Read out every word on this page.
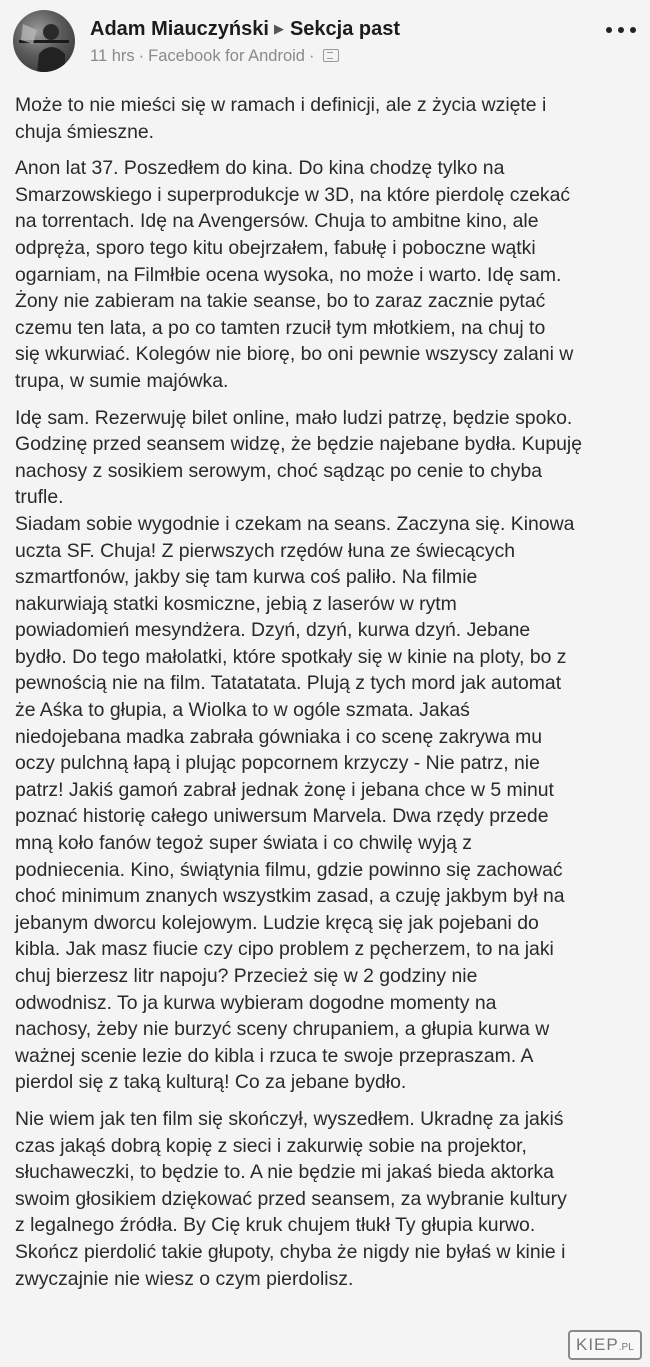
Adam Miauczyński ▶ Sekcja past
11 hrs · Facebook for Android ·

Może to nie mieści się w ramach i definicji, ale z życia wzięte i
chuja śmieszne.

Anon lat 37. Poszedłem do kina. Do kina chodzę tylko na
Smarzowskiego i superprodukcje w 3D, na które pierdolę czekać
na torrentach. Idę na Avengersów. Chuja to ambitne kino, ale
odpręża, sporo tego kitu obejrzałem, fabułę i poboczne wątki
ogarniam, na Filmłbie ocena wysoka, no może i warto. Idę sam.
Żony nie zabieram na takie seanse, bo to zaraz zacznie pytać
czemu ten lata, a po co tamten rzucił tym młotkiem, na chuj to
się wkurwiać. Kolegów nie biorę, bo oni pewnie wszyscy zalani w
trupa, w sumie majówka.

Idę sam. Rezerwuję bilet online, mało ludzi patrzę, będzie spoko.
Godzinę przed seansem widzę, że będzie najebane bydła. Kupuję
nachosy z sosikiem serowym, choć sądząc po cenie to chyba
trufle.

Siadam sobie wygodnie i czekam na seans. Zaczyna się. Kinowa
uczta SF. Chuja! Z pierwszych rzędów łuna ze świecących
szmartfonów, jakby się tam kurwa coś paliło. Na filmie
nakurwiają statki kosmiczne, jebią z laserów w rytm
powiadomień mesyndżera. Dzyń, dzyń, kurwa dzyń. Jebane
bydło. Do tego małolatki, które spotkały się w kinie na ploty, bo z
pewnością nie na film. Tatatatata. Plują z tych mord jak automat
że Aśka to głupia, a Wiolka to w ogóle szmata. Jakaś
niedojebana madka zabrała gówniaka i co scenę zakrywa mu
oczy pulchną łapą i plując popcornem krzyczy - Nie patrz, nie
patrz! Jakiś gamoń zabrał jednak żonę i jebana chce w 5 minut
poznać historię całego uniwersum Marvela. Dwa rzędy przede
mną koło fanów tegoż super świata i co chwilę wyją z
podniecenia. Kino, świątynia filmu, gdzie powinno się zachować
choć minimum znanych wszystkim zasad, a czuję jakbym był na
jebanym dworcu kolejowym. Ludzie kręcą się jak pojebani do
kibla. Jak masz fiucie czy cipo problem z pęcherzem, to na jaki
chuj bierzesz litr napoju? Przecież się w 2 godziny nie
odwodnisz. To ja kurwa wybieram dogodne momenty na
nachosy, żeby nie burzyć sceny chrupaniem, a głupia kurwa w
ważnej scenie lezie do kibla i rzuca te swoje przepraszam. A
pierdol się z taką kulturą! Co za jebane bydło.

Nie wiem jak ten film się skończył, wyszedłem. Ukradnę za jakiś
czas jakąś dobrą kopię z sieci i zakurwię sobie na projektor,
słuchaweczki, to będzie to. A nie będzie mi jakaś bieda aktorka
swoim głosikiem dziękować przed seansem, za wybranie kultury
z legalnego źródła. By Cię kruk chujem tłukł Ty głupia kurwo.
Skończ pierdolić takie głupoty, chyba że nigdy nie byłaś w kinie i
zwyczajnie nie wiesz o czym pierdolisz.

KIEP.PL
